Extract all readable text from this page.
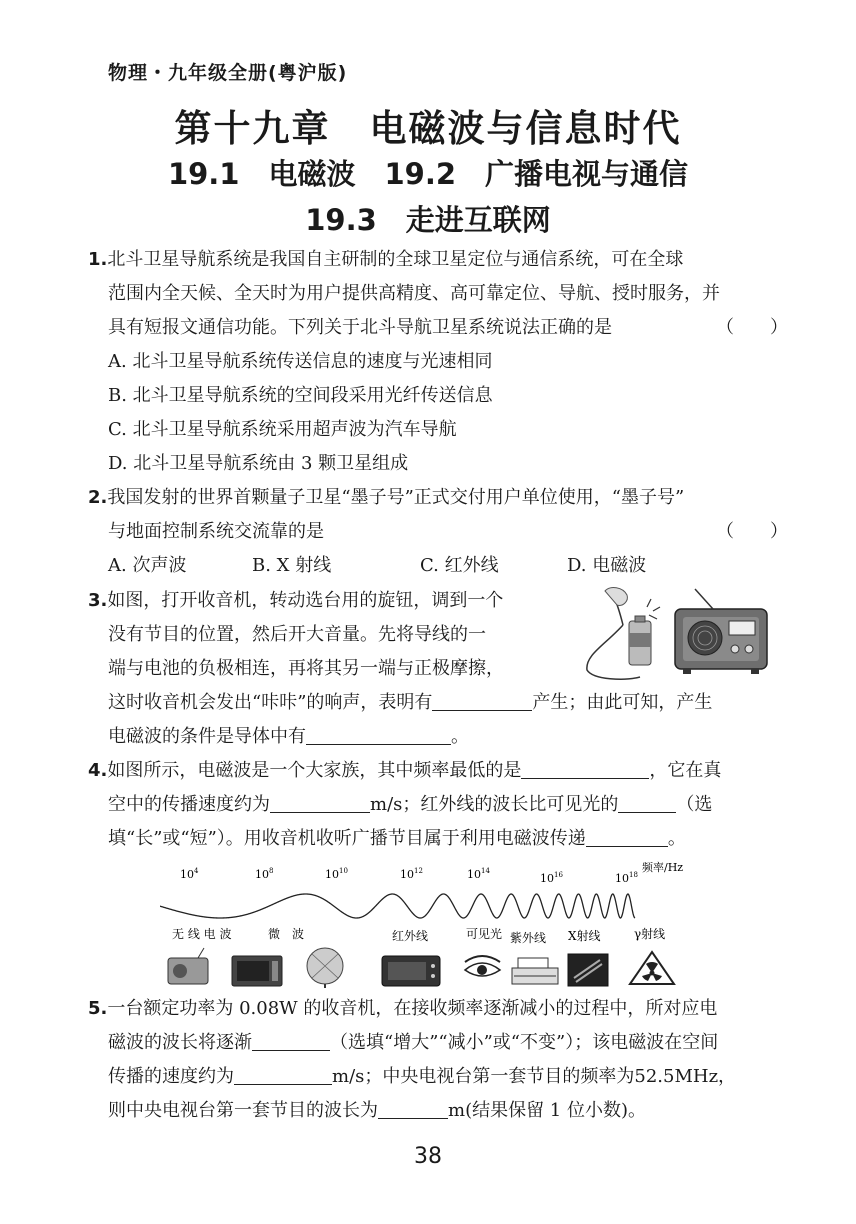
物理・九年级全册(粤沪版)
第十九章　电磁波与信息时代
19.1　电磁波　19.2　广播电视与通信
19.3　走进互联网
1.北斗卫星导航系统是我国自主研制的全球卫星定位与通信系统，可在全球
范围内全天候、全天时为用户提供高精度、高可靠定位、导航、授时服务，并
具有短报文通信功能。下列关于北斗导航卫星系统说法正确的是	（　　）
A. 北斗卫星导航系统传送信息的速度与光速相同
B. 北斗卫星导航系统的空间段采用光纤传送信息
C. 北斗卫星导航系统采用超声波为汽车导航
D. 北斗卫星导航系统由 3 颗卫星组成
2.我国发射的世界首颗量子卫星“墨子号”正式交付用户单位使用，“墨子号”
与地面控制系统交流靠的是	（　　）
A. 次声波	B. X 射线	C. 红外线	D. 电磁波
3.如图，打开收音机，转动选台用的旋钮，调到一个
没有节目的位置，然后开大音量。先将导线的一
端与电池的负极相连，再将其另一端与正极摩擦，
这时收音机会发出“咔咔”的响声，表明有	产生；由此可知，产生
电磁波的条件是导体中有	。
4.如图所示，电磁波是一个大家族，其中频率最低的是	，它在真
空中的传播速度约为	m/s；红外线的波长比可见光的	（选
填“长”或“短”）。用收音机收听广播节目属于利用电磁波传递	。
$10^4$	$10^8$	$10^{10}$	$10^{12}$	$10^{14}$
$10^{16}$	$10^{18}$
频率/Hz
无 线 电 波	微　波	红外线	可见光 紫外线 X射线	γ射线
5.一台额定功率为 0.08W 的收音机，在接收频率逐渐减小的过程中，所对应电
磁波的波长将逐渐	（选填“增大”“减小”或“不变”）；该电磁波在空间
传播的速度约为	m/s；中央电视台第一套节目的频率为52.5MHz，
则中央电视台第一套节目的波长为	m(结果保留 1 位小数)。
38
